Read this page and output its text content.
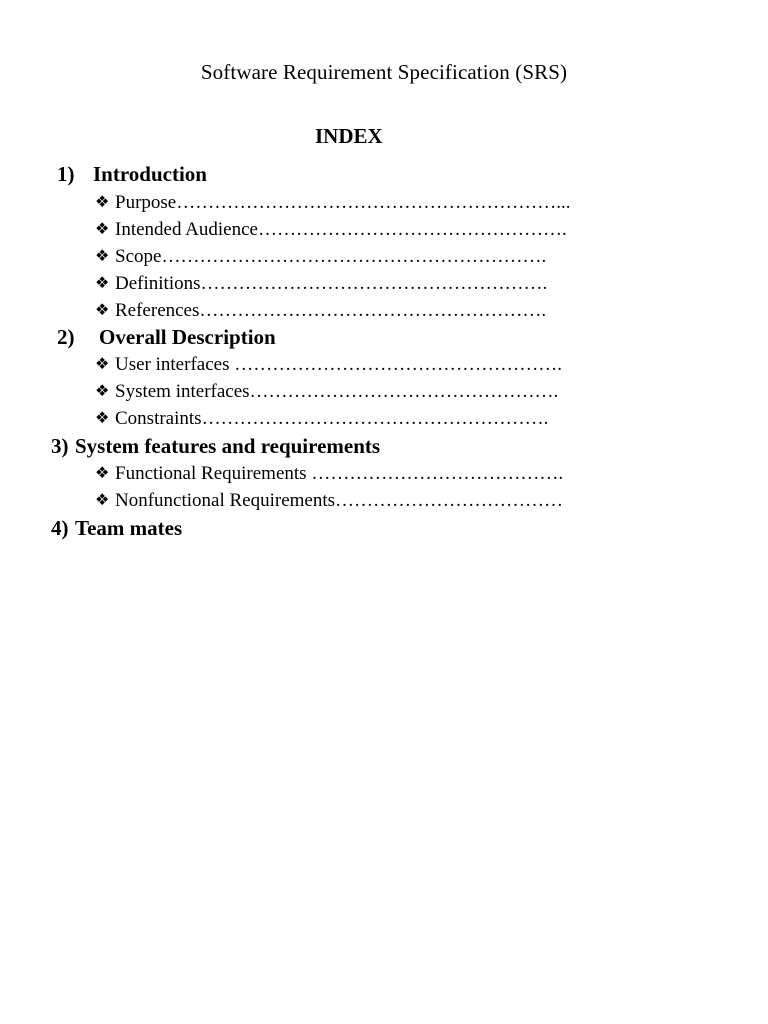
Software Requirement Specification (SRS)
INDEX
1) Introduction
❖ Purpose……………………………………………………...
❖ Intended Audience………………………………………….
❖ Scope…………………………………………………….
❖ Definitions……………………………………………….
❖ References……………………………………………….
2) Overall Description
❖ User interfaces …………………………………………….
❖ System interfaces………………………………………….
❖ Constraints……………………………………………….
3) System features and requirements
❖ Functional Requirements ………………………………….
❖ Nonfunctional Requirements………………………………
4) Team mates
